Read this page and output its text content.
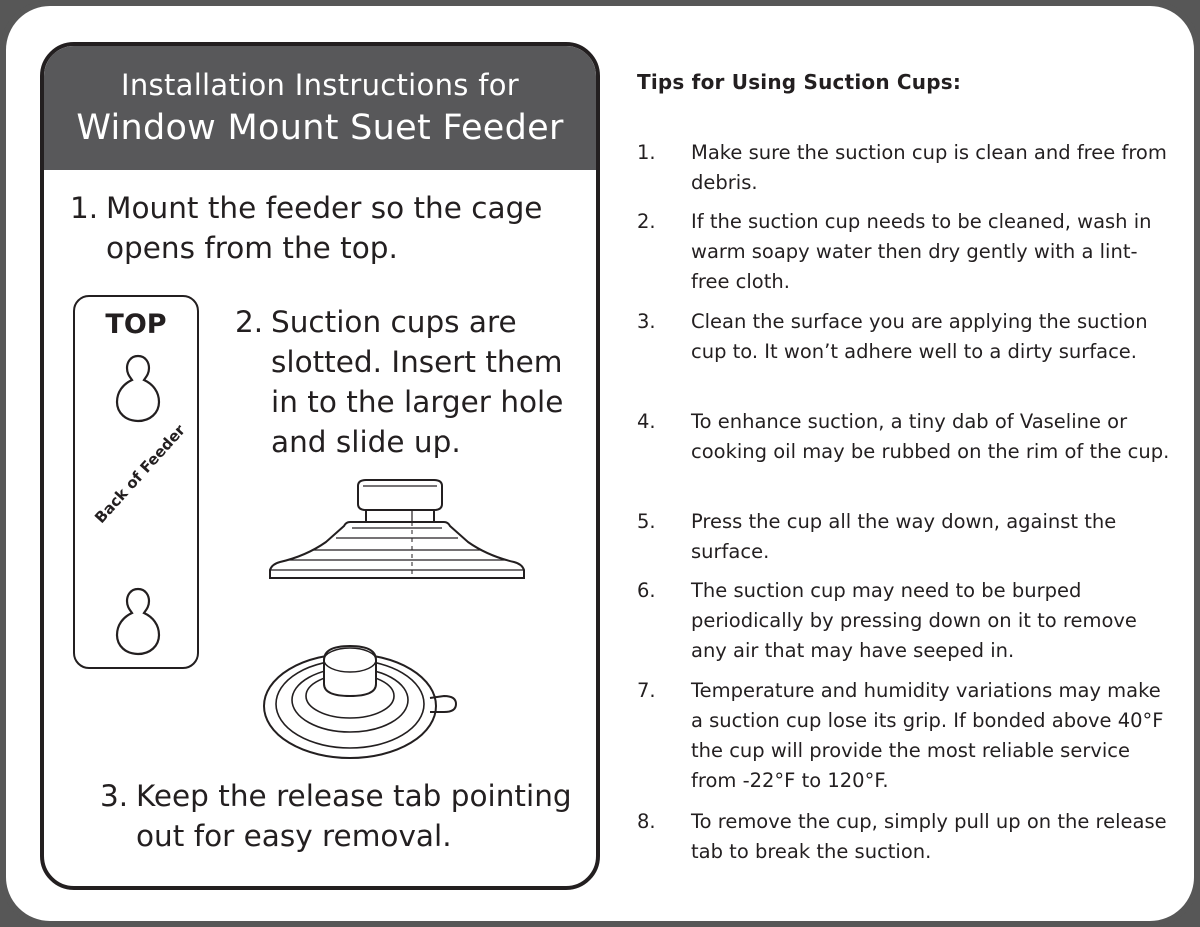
Installation Instructions for
Window Mount Suet Feeder
1. Mount the feeder so the cage opens from the top.
TOP
Back of Feeder
2. Suction cups are slotted. Insert them in to the larger hole and slide up.
3. Keep the release tab pointing out for easy removal.
Tips for Using Suction Cups:
1. Make sure the suction cup is clean and free from debris.
2. If the suction cup needs to be cleaned, wash in warm soapy water then dry gently with a lint-free cloth.
3. Clean the surface you are applying the suction cup to. It won’t adhere well to a dirty surface.
4. To enhance suction, a tiny dab of Vaseline or cooking oil may be rubbed on the rim of the cup.
5. Press the cup all the way down, against the surface.
6. The suction cup may need to be burped periodically by pressing down on it to remove any air that may have seeped in.
7. Temperature and humidity variations may make a suction cup lose its grip. If bonded above 40°F the cup will provide the most reliable service from -22°F to 120°F.
8. To remove the cup, simply pull up on the release tab to break the suction.
